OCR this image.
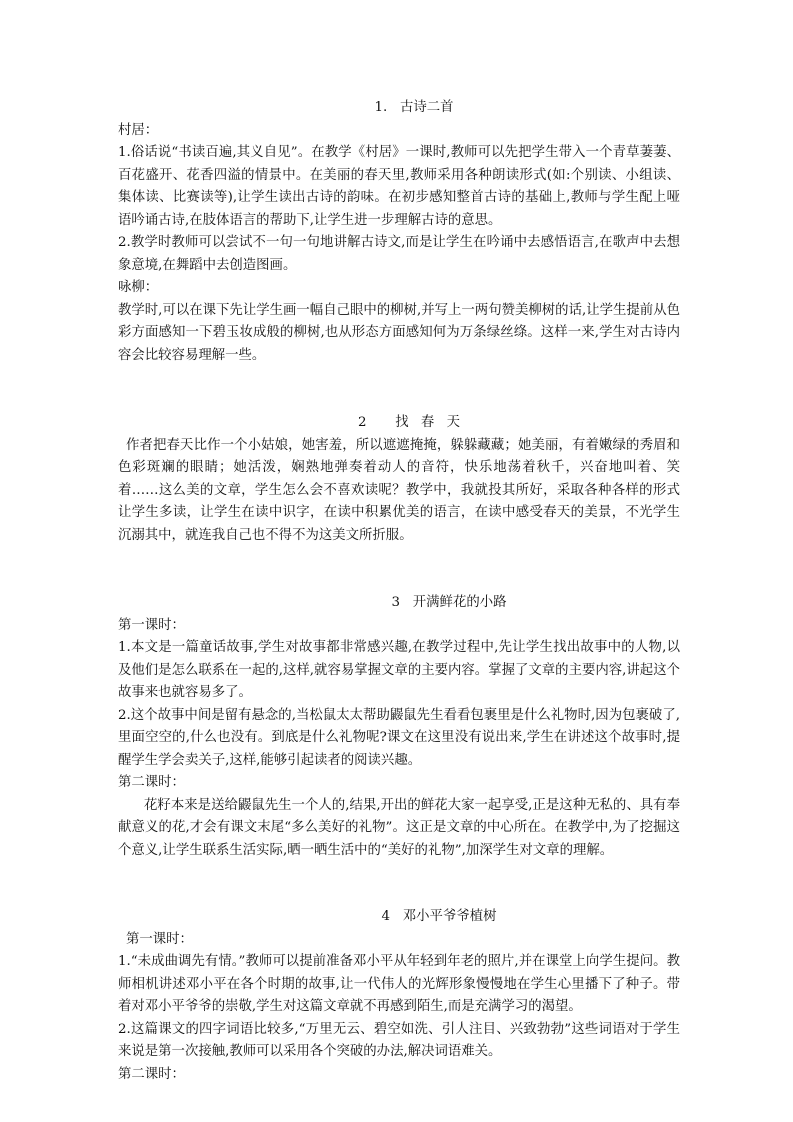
1.   古诗二首

村居：

1.俗话说“书读百遍,其义自见”。在教学《村居》一课时,教师可以先把学生带入一个青草萋萋、百花盛开、花香四溢的情景中。在美丽的春天里,教师采用各种朗读形式(如:个别读、小组读、集体读、比赛读等),让学生读出古诗的韵味。在初步感知整首古诗的基础上,教师与学生配上哑语吟诵古诗,在肢体语言的帮助下,让学生进一步理解古诗的意思。

2.教学时教师可以尝试不一句一句地讲解古诗文,而是让学生在吟诵中去感悟语言,在歌声中去想象意境,在舞蹈中去创造图画。

咏柳：

教学时,可以在课下先让学生画一幅自己眼中的柳树,并写上一两句赞美柳树的话,让学生提前从色彩方面感知一下碧玉妆成般的柳树,也从形态方面感知何为万条绿丝绦。这样一来,学生对古诗内容会比较容易理解一些。

2   找 春 天

作者把春天比作一个小姑娘，她害羞，所以遮遮掩掩，躲躲藏藏；她美丽，有着嫩绿的秀眉和色彩斑斓的眼睛；她活泼，娴熟地弹奏着动人的音符，快乐地荡着秋千，兴奋地叫着、笑着……这么美的文章，学生怎么会不喜欢读呢？教学中，我就投其所好，采取各种各样的形式让学生多读，让学生在读中识字，在读中积累优美的语言，在读中感受春天的美景，不光学生沉溺其中，就连我自己也不得不为这美文所折服。

3   开满鲜花的小路

第一课时：

1.本文是一篇童话故事,学生对故事都非常感兴趣,在教学过程中,先让学生找出故事中的人物,以及他们是怎么联系在一起的,这样,就容易掌握文章的主要内容。掌握了文章的主要内容,讲起这个故事来也就容易多了。

2.这个故事中间是留有悬念的,当松鼠太太帮助鼹鼠先生看看包裹里是什么礼物时,因为包裹破了,里面空空的,什么也没有。到底是什么礼物呢?课文在这里没有说出来,学生在讲述这个故事时,提醒学生学会卖关子,这样,能够引起读者的阅读兴趣。

第二课时：

花籽本来是送给鼹鼠先生一个人的,结果,开出的鲜花大家一起享受,正是这种无私的、具有奉献意义的花,才会有课文末尾“多么美好的礼物”。这正是文章的中心所在。在教学中,为了挖掘这个意义,让学生联系生活实际,晒一晒生活中的“美好的礼物”,加深学生对文章的理解。

4   邓小平爷爷植树

第一课时：

1.“未成曲调先有情。”教师可以提前准备邓小平从年轻到年老的照片,并在课堂上向学生提问。教师相机讲述邓小平在各个时期的故事,让一代伟人的光辉形象慢慢地在学生心里播下了种子。带着对邓小平爷爷的崇敬,学生对这篇文章就不再感到陌生,而是充满学习的渴望。

2.这篇课文的四字词语比较多,“万里无云、碧空如洗、引人注目、兴致勃勃”这些词语对于学生来说是第一次接触,教师可以采用各个突破的办法,解决词语难关。

第二课时：
